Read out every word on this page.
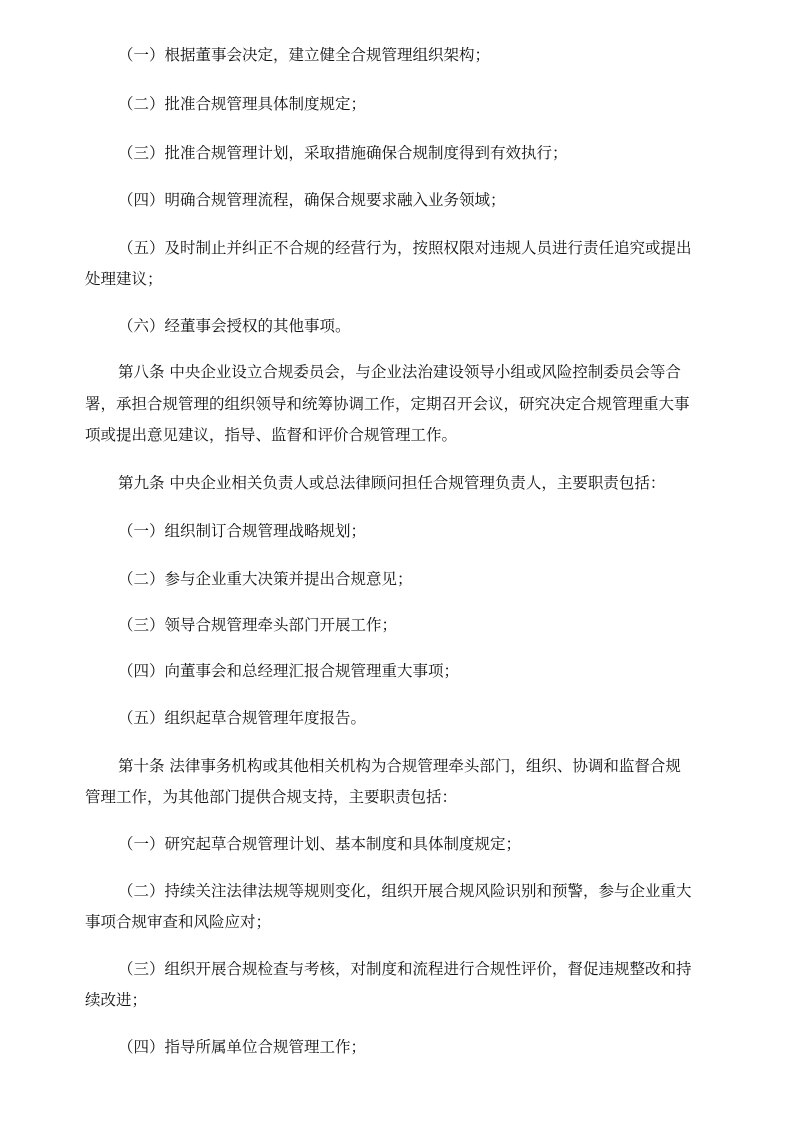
（一）根据董事会决定，建立健全合规管理组织架构；
（二）批准合规管理具体制度规定；
（三）批准合规管理计划，采取措施确保合规制度得到有效执行；
（四）明确合规管理流程，确保合规要求融入业务领域；
（五）及时制止并纠正不合规的经营行为，按照权限对违规人员进行责任追究或提出
处理建议；
（六）经董事会授权的其他事项。
第八条 中央企业设立合规委员会，与企业法治建设领导小组或风险控制委员会等合
署，承担合规管理的组织领导和统筹协调工作，定期召开会议，研究决定合规管理重大事
项或提出意见建议，指导、监督和评价合规管理工作。
第九条 中央企业相关负责人或总法律顾问担任合规管理负责人，主要职责包括：
（一）组织制订合规管理战略规划；
（二）参与企业重大决策并提出合规意见；
（三）领导合规管理牵头部门开展工作；
（四）向董事会和总经理汇报合规管理重大事项；
（五）组织起草合规管理年度报告。
第十条 法律事务机构或其他相关机构为合规管理牵头部门，组织、协调和监督合规
管理工作，为其他部门提供合规支持，主要职责包括：
（一）研究起草合规管理计划、基本制度和具体制度规定；
（二）持续关注法律法规等规则变化，组织开展合规风险识别和预警，参与企业重大
事项合规审查和风险应对；
（三）组织开展合规检查与考核，对制度和流程进行合规性评价，督促违规整改和持
续改进；
（四）指导所属单位合规管理工作；
